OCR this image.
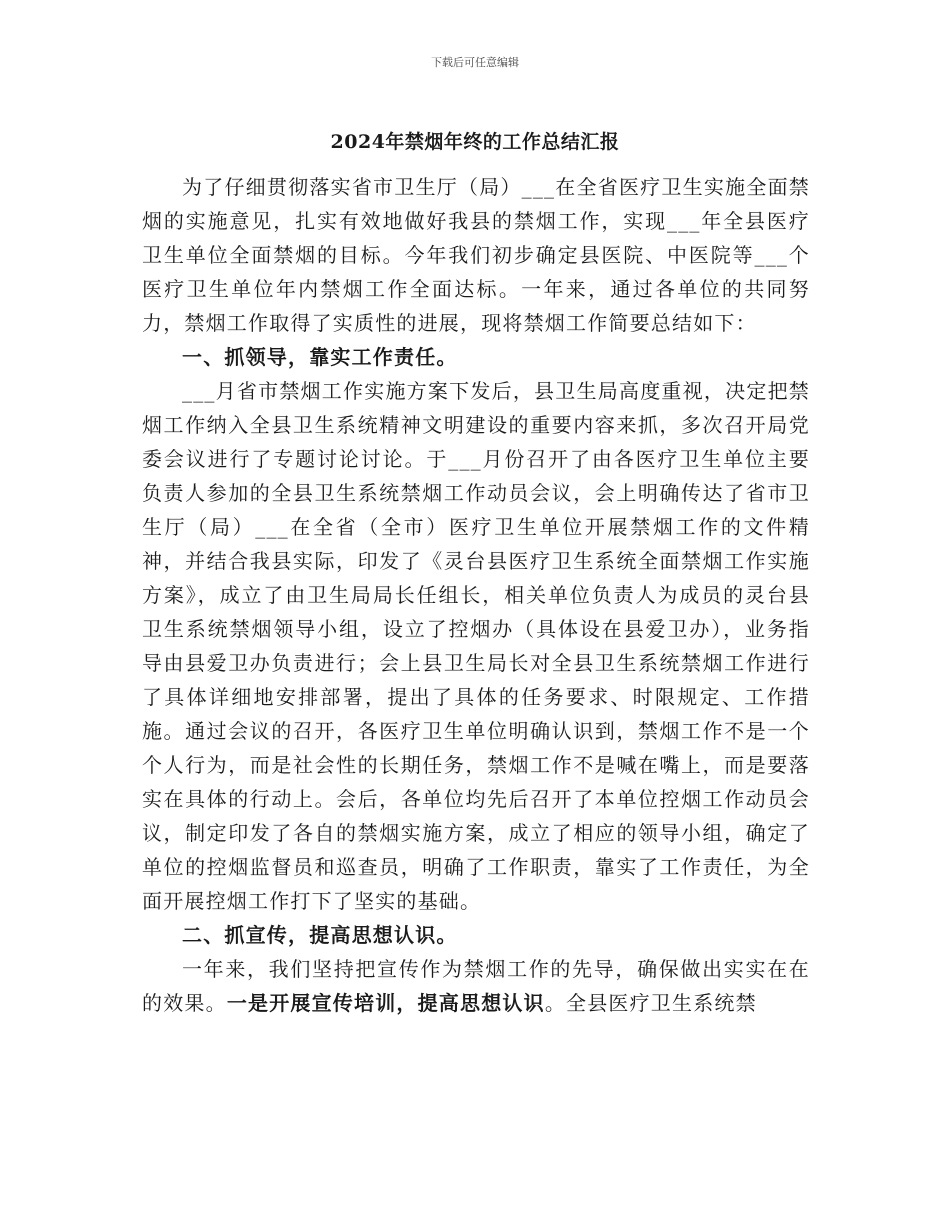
下载后可任意编辑
2024年禁烟年终的工作总结汇报

为了仔细贯彻落实省市卫生厅（局）___在全省医疗卫生实施全面禁烟的实施意见，扎实有效地做好我县的禁烟工作，实现___年全县医疗卫生单位全面禁烟的目标。今年我们初步确定县医院、中医院等___个医疗卫生单位年内禁烟工作全面达标。一年来，通过各单位的共同努力，禁烟工作取得了实质性的进展，现将禁烟工作简要总结如下：

一、抓领导，靠实工作责任。

___月省市禁烟工作实施方案下发后，县卫生局高度重视，决定把禁烟工作纳入全县卫生系统精神文明建设的重要内容来抓，多次召开局党委会议进行了专题讨论讨论。于___月份召开了由各医疗卫生单位主要负责人参加的全县卫生系统禁烟工作动员会议，会上明确传达了省市卫生厅（局）___在全省（全市）医疗卫生单位开展禁烟工作的文件精神，并结合我县实际，印发了《灵台县医疗卫生系统全面禁烟工作实施方案》，成立了由卫生局局长任组长，相关单位负责人为成员的灵台县卫生系统禁烟领导小组，设立了控烟办（具体设在县爱卫办），业务指导由县爱卫办负责进行；会上县卫生局长对全县卫生系统禁烟工作进行了具体详细地安排部署，提出了具体的任务要求、时限规定、工作措施。通过会议的召开，各医疗卫生单位明确认识到，禁烟工作不是一个个人行为，而是社会性的长期任务，禁烟工作不是喊在嘴上，而是要落实在具体的行动上。会后，各单位均先后召开了本单位控烟工作动员会议，制定印发了各自的禁烟实施方案，成立了相应的领导小组，确定了单位的控烟监督员和巡查员，明确了工作职责，靠实了工作责任，为全面开展控烟工作打下了坚实的基础。

二、抓宣传，提高思想认识。

一年来，我们坚持把宣传作为禁烟工作的先导，确保做出实实在在的效果。一是开展宣传培训，提高思想认识。全县医疗卫生系统禁
